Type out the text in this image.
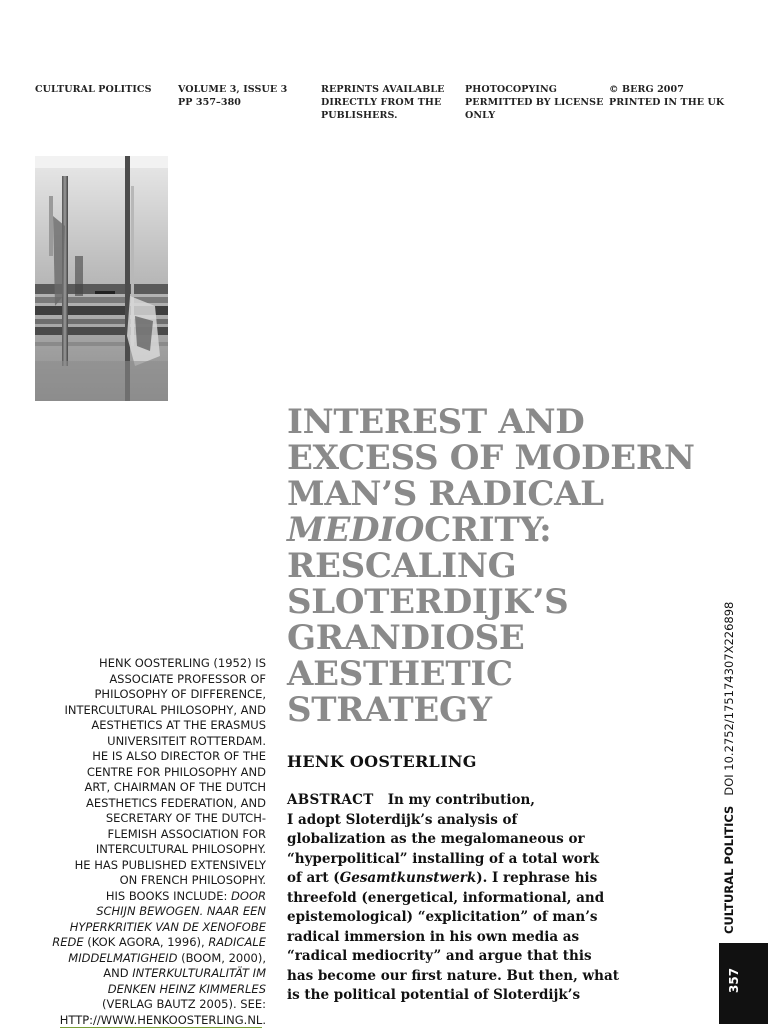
CULTURAL POLITICS	VOLUME 3, ISSUE 3
PP 357–380
REPRINTS AVAILABLE
DIRECTLY FROM THE
PUBLISHERS.
PHOTOCOPYING
PERMITTED BY LICENSE
ONLY
© BERG 2007
PRINTED IN THE UK
INTEREST AND
EXCESS OF MODERN
MAN’S RADICAL
MEDIOCRITY:
RESCALING
SLOTERDIJK’S
GRANDIOSE
AESTHETIC
STRATEGY
HENK OOSTERLING
ABSTRACT In my contribution,
I adopt Sloterdijk’s analysis of
globalization as the megalomaneous or
“hyperpolitical” installing of a total work
of art (Gesamtkunstwerk). I rephrase his
threefold (energetical, informational, and
epistemological) “explicitation” of man’s
radical immersion in his own media as
“radical mediocrity” and argue that this
has become our first nature. But then, what
is the political potential of Sloterdijk’s
HENK OOSTERLING (1952) IS
ASSOCIATE PROFESSOR OF
PHILOSOPHY OF DIFFERENCE,
INTERCULTURAL PHILOSOPHY, AND
AESTHETICS AT THE ERASMUS
UNIVERSITEIT ROTTERDAM.
HE IS ALSO DIRECTOR OF THE
CENTRE FOR PHILOSOPHY AND
ART, CHAIRMAN OF THE DUTCH
AESTHETICS FEDERATION, AND
SECRETARY OF THE DUTCH-
FLEMISH ASSOCIATION FOR
INTERCULTURAL PHILOSOPHY.
HE HAS PUBLISHED EXTENSIVELY
ON FRENCH PHILOSOPHY.
HIS BOOKS INCLUDE: DOOR
SCHIJN BEWOGEN. NAAR EEN
HYPERKRITIEK VAN DE XENOFOBE
REDE (KOK AGORA, 1996), RADICALE
MIDDELMATIGHEID (BOOM, 2000),
AND INTERKULTURALITÄT IM
DENKEN HEINZ KIMMERLES
(VERLAG BAUTZ 2005). SEE:
HTTP://WWW.HENKOOSTERLING.NL.
CULTURAL POLITICSDOI 10.2752/175174307X226898
357
